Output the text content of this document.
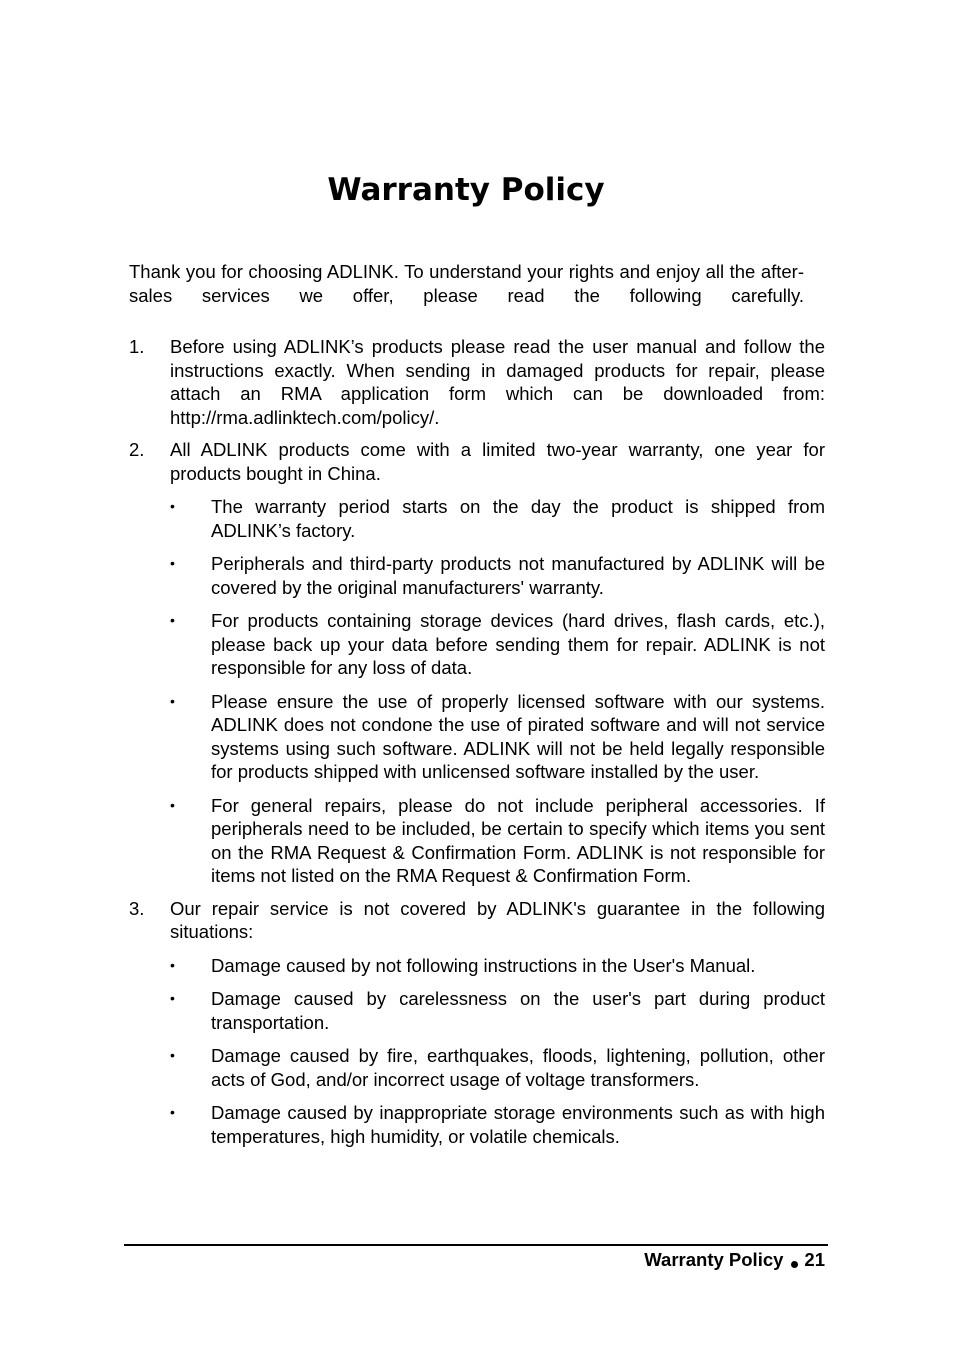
Warranty Policy

Thank you for choosing ADLINK. To understand your rights and enjoy all the after-sales services we offer, please read the following carefully.

1. Before using ADLINK’s products please read the user manual and follow the instructions exactly. When sending in damaged products for repair, please attach an RMA application form which can be downloaded from: http://rma.adlinktech.com/policy/.
2. All ADLINK products come with a limited two-year warranty, one year for products bought in China.
•	The warranty period starts on the day the product is shipped from ADLINK’s factory.
•	Peripherals and third-party products not manufactured by ADLINK will be covered by the original manufacturers' warranty.
•	For products containing storage devices (hard drives, flash cards, etc.), please back up your data before sending them for repair. ADLINK is not responsible for any loss of data.
•	Please ensure the use of properly licensed software with our systems. ADLINK does not condone the use of pirated software and will not service systems using such software. ADLINK will not be held legally responsible for products shipped with unlicensed software installed by the user.
•	For general repairs, please do not include peripheral accessories. If peripherals need to be included, be certain to specify which items you sent on the RMA Request & Confirmation Form. ADLINK is not responsible for items not listed on the RMA Request & Confirmation Form.
3. Our repair service is not covered by ADLINK's guarantee in the following situations:
•	Damage caused by not following instructions in the User's Manual.
•	Damage caused by carelessness on the user's part during product transportation.
•	Damage caused by fire, earthquakes, floods, lightening, pollution, other acts of God, and/or incorrect usage of voltage transformers.
•	Damage caused by inappropriate storage environments such as with high temperatures, high humidity, or volatile chemicals.
Warranty Policy 21
